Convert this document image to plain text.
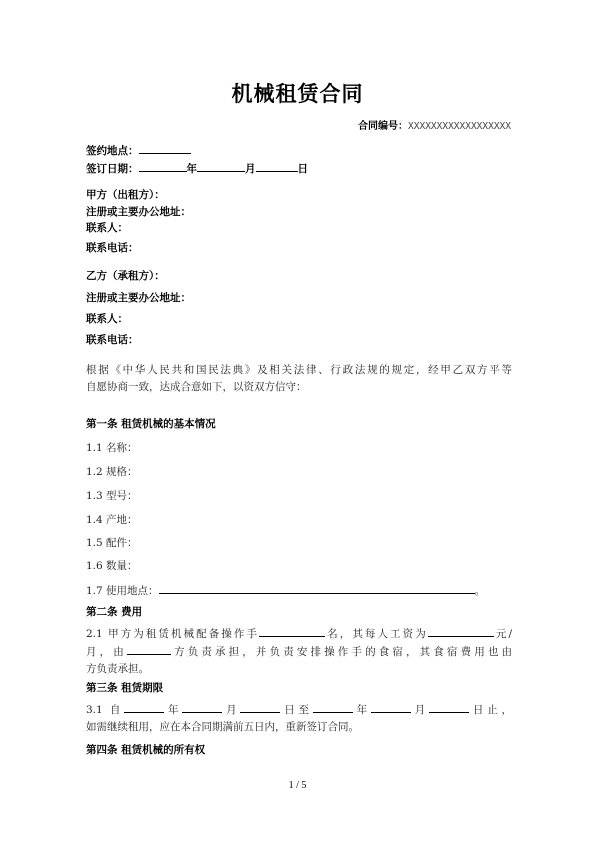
机械租赁合同
合同编号：XXXXXXXXXXXXXXXXXX
签约地点：
签订日期：	年	月	日
甲方（出租方）：
注册或主要办公地址：
联系人：
联系电话：
乙方（承租方）：
注册或主要办公地址：
联系人：
联系电话：
根据《中华人民共和国民法典》及相关法律、行政法规的规定，经甲乙双方平等
自愿协商一致，达成合意如下，以资双方信守：
第一条 租赁机械的基本情况
1.1 名称：
1.2 规格：
1.3 型号：
1.4 产地：
1.5 配件：
1.6 数量：
1.7 使用地点：	。
第二条 费用
2.1 甲方为租赁机械配备操作手	名，其每人工资为	元/
月，由	方负责承担，并负责安排操作手的食宿，其食宿费用也由
方负责承担。
第三条 租赁期限
3.1 自	年	月	日至	年	月	日止，
如需继续租用，应在本合同期满前五日内，重新签订合同。
第四条 租赁机械的所有权
1 / 5
